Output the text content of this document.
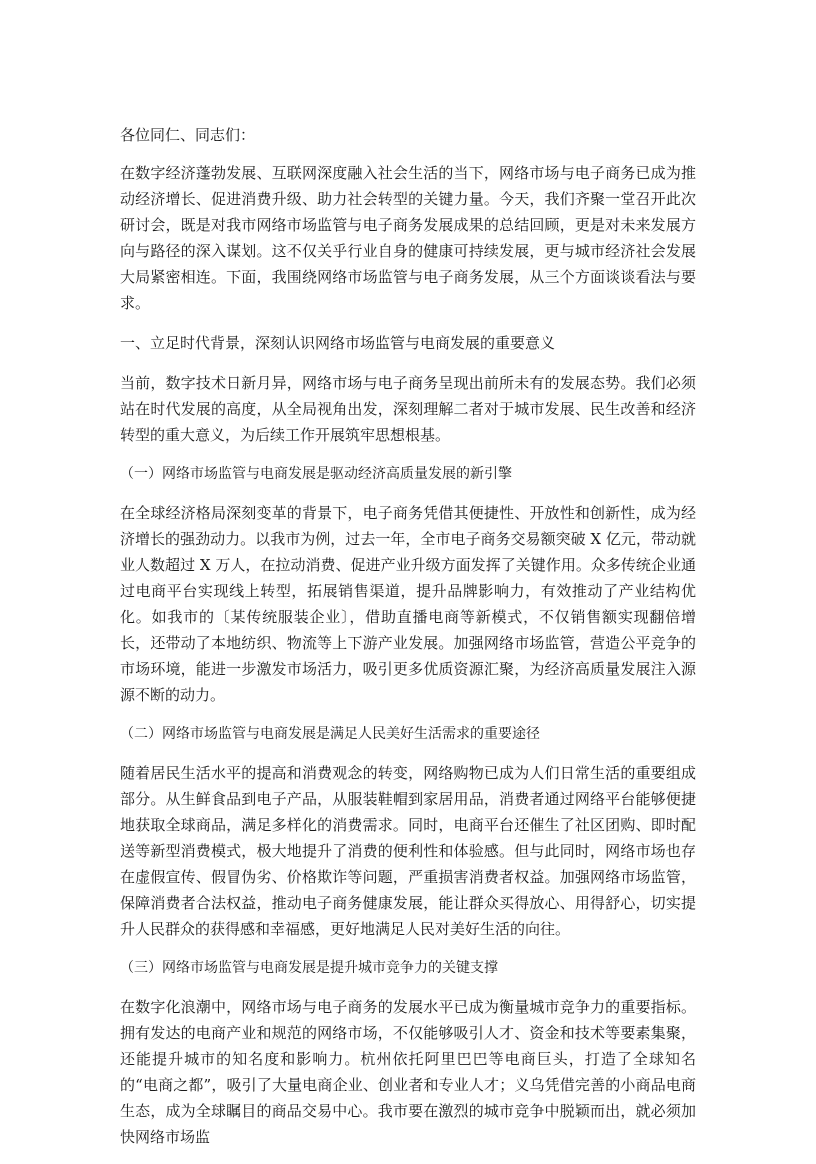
各位同仁、同志们：

在数字经济蓬勃发展、互联网深度融入社会生活的当下，网络市场与电子商务已成为推动经济增长、促进消费升级、助力社会转型的关键力量。今天，我们齐聚一堂召开此次研讨会，既是对我市网络市场监管与电子商务发展成果的总结回顾，更是对未来发展方向与路径的深入谋划。这不仅关乎行业自身的健康可持续发展，更与城市经济社会发展大局紧密相连。下面，我围绕网络市场监管与电子商务发展，从三个方面谈谈看法与要求。

一、立足时代背景，深刻认识网络市场监管与电商发展的重要意义

当前，数字技术日新月异，网络市场与电子商务呈现出前所未有的发展态势。我们必须站在时代发展的高度，从全局视角出发，深刻理解二者对于城市发展、民生改善和经济转型的重大意义，为后续工作开展筑牢思想根基。

（一）网络市场监管与电商发展是驱动经济高质量发展的新引擎

在全球经济格局深刻变革的背景下，电子商务凭借其便捷性、开放性和创新性，成为经济增长的强劲动力。以我市为例，过去一年，全市电子商务交易额突破 X 亿元，带动就业人数超过 X 万人，在拉动消费、促进产业升级方面发挥了关键作用。众多传统企业通过电商平台实现线上转型，拓展销售渠道，提升品牌影响力，有效推动了产业结构优化。如我市的〔某传统服装企业〕，借助直播电商等新模式，不仅销售额实现翻倍增长，还带动了本地纺织、物流等上下游产业发展。加强网络市场监管，营造公平竞争的市场环境，能进一步激发市场活力，吸引更多优质资源汇聚，为经济高质量发展注入源源不断的动力。

（二）网络市场监管与电商发展是满足人民美好生活需求的重要途径

随着居民生活水平的提高和消费观念的转变，网络购物已成为人们日常生活的重要组成部分。从生鲜食品到电子产品，从服装鞋帽到家居用品，消费者通过网络平台能够便捷地获取全球商品，满足多样化的消费需求。同时，电商平台还催生了社区团购、即时配送等新型消费模式，极大地提升了消费的便利性和体验感。但与此同时，网络市场也存在虚假宣传、假冒伪劣、价格欺诈等问题，严重损害消费者权益。加强网络市场监管，保障消费者合法权益，推动电子商务健康发展，能让群众买得放心、用得舒心，切实提升人民群众的获得感和幸福感，更好地满足人民对美好生活的向往。

（三）网络市场监管与电商发展是提升城市竞争力的关键支撑

在数字化浪潮中，网络市场与电子商务的发展水平已成为衡量城市竞争力的重要指标。拥有发达的电商产业和规范的网络市场，不仅能够吸引人才、资金和技术等要素集聚，还能提升城市的知名度和影响力。杭州依托阿里巴巴等电商巨头，打造了全球知名的“电商之都”，吸引了大量电商企业、创业者和专业人才；义乌凭借完善的小商品电商生态，成为全球瞩目的商品交易中心。我市要在激烈的城市竞争中脱颖而出，就必须加快网络市场监
